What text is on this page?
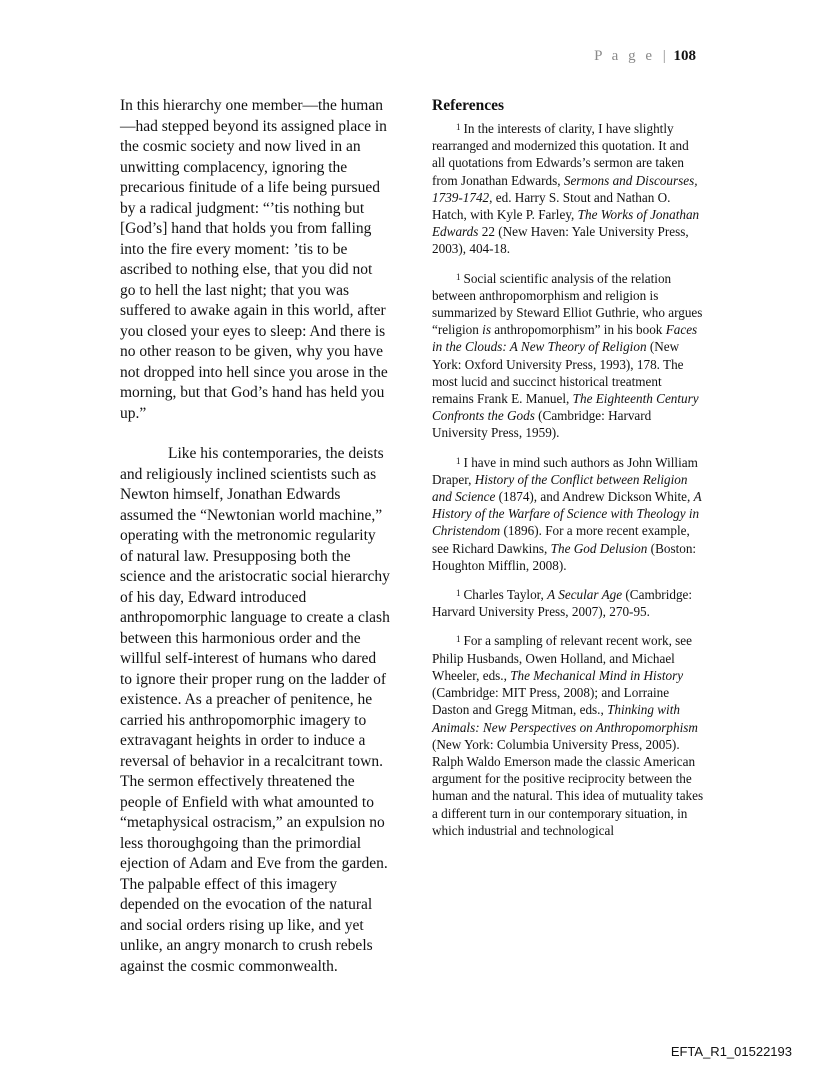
P a g e | 108

In this hierarchy one member—the human—had stepped beyond its assigned place in the cosmic society and now lived in an unwitting complacency, ignoring the precarious finitude of a life being pursued by a radical judgment: “’tis nothing but [God’s] hand that holds you from falling into the fire every moment: ’tis to be ascribed to nothing else, that you did not go to hell the last night; that you was suffered to awake again in this world, after you closed your eyes to sleep: And there is no other reason to be given, why you have not dropped into hell since you arose in the morning, but that God’s hand has held you up.”

Like his contemporaries, the deists and religiously inclined scientists such as Newton himself, Jonathan Edwards assumed the “Newtonian world machine,” operating with the metronomic regularity of natural law. Presupposing both the science and the aristocratic social hierarchy of his day, Edward introduced anthropomorphic language to create a clash between this harmonious order and the willful self-interest of humans who dared to ignore their proper rung on the ladder of existence. As a preacher of penitence, he carried his anthropomorphic imagery to extravagant heights in order to induce a reversal of behavior in a recalcitrant town. The sermon effectively threatened the people of Enfield with what amounted to “metaphysical ostracism,” an expulsion no less thoroughgoing than the primordial ejection of Adam and Eve from the garden. The palpable effect of this imagery depended on the evocation of the natural and social orders rising up like, and yet unlike, an angry monarch to crush rebels against the cosmic commonwealth.

References

$^1$ In the interests of clarity, I have slightly rearranged and modernized this quotation. It and all quotations from Edwards’s sermon are taken from Jonathan Edwards, Sermons and Discourses, 1739-1742, ed. Harry S. Stout and Nathan O. Hatch, with Kyle P. Farley, The Works of Jonathan Edwards 22 (New Haven: Yale University Press, 2003), 404-18.

$^1$ Social scientific analysis of the relation between anthropomorphism and religion is summarized by Steward Elliot Guthrie, who argues “religion is anthropomorphism” in his book Faces in the Clouds: A New Theory of Religion (New York: Oxford University Press, 1993), 178. The most lucid and succinct historical treatment remains Frank E. Manuel, The Eighteenth Century Confronts the Gods (Cambridge: Harvard University Press, 1959).

$^1$ I have in mind such authors as John William Draper, History of the Conflict between Religion and Science (1874), and Andrew Dickson White, A History of the Warfare of Science with Theology in Christendom (1896). For a more recent example, see Richard Dawkins, The God Delusion (Boston: Houghton Mifflin, 2008).

$^1$ Charles Taylor, A Secular Age (Cambridge: Harvard University Press, 2007), 270-95.

$^1$ For a sampling of relevant recent work, see Philip Husbands, Owen Holland, and Michael Wheeler, eds., The Mechanical Mind in History (Cambridge: MIT Press, 2008); and Lorraine Daston and Gregg Mitman, eds., Thinking with Animals: New Perspectives on Anthropomorphism (New York: Columbia University Press, 2005). Ralph Waldo Emerson made the classic American argument for the positive reciprocity between the human and the natural. This idea of mutuality takes a different turn in our contemporary situation, in which industrial and technological

EFTA_R1_01522193
